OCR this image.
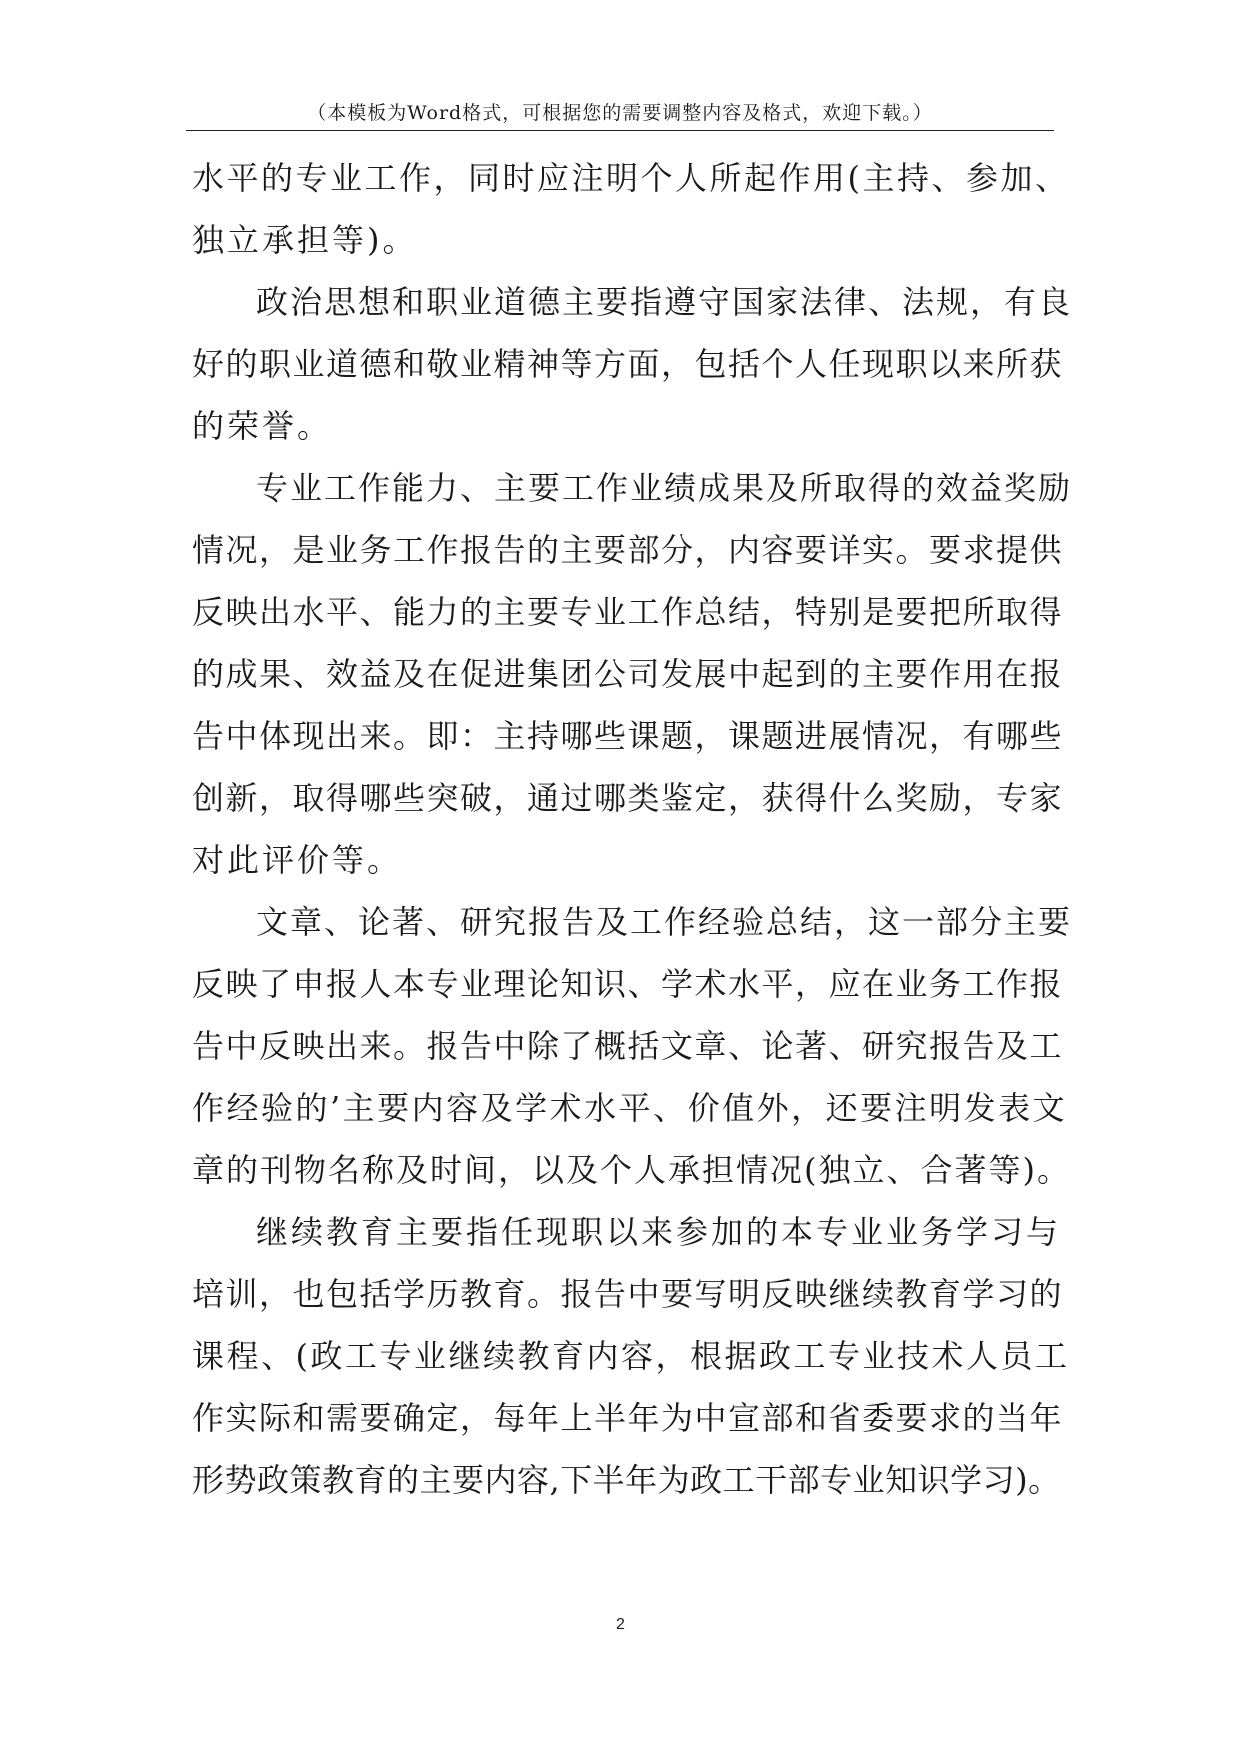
（本模板为Word格式，可根据您的需要调整内容及格式，欢迎下载。）
水平的专业工作，同时应注明个人所起作用(主持、参加、
独立承担等)。
政治思想和职业道德主要指遵守国家法律、法规，有良
好的职业道德和敬业精神等方面，包括个人任现职以来所获
的荣誉。
专业工作能力、主要工作业绩成果及所取得的效益奖励
情况，是业务工作报告的主要部分，内容要详实。要求提供
反映出水平、能力的主要专业工作总结，特别是要把所取得
的成果、效益及在促进集团公司发展中起到的主要作用在报
告中体现出来。即：主持哪些课题，课题进展情况，有哪些
创新，取得哪些突破，通过哪类鉴定，获得什么奖励，专家
对此评价等。
文章、论著、研究报告及工作经验总结，这一部分主要
反映了申报人本专业理论知识、学术水平，应在业务工作报
告中反映出来。报告中除了概括文章、论著、研究报告及工
作经验的’主要内容及学术水平、价值外，还要注明发表文
章的刊物名称及时间，以及个人承担情况(独立、合著等)。
继续教育主要指任现职以来参加的本专业业务学习与
培训，也包括学历教育。报告中要写明反映继续教育学习的
课程、(政工专业继续教育内容，根据政工专业技术人员工
作实际和需要确定，每年上半年为中宣部和省委要求的当年
形势政策教育的主要内容,下半年为政工干部专业知识学习)。
2
